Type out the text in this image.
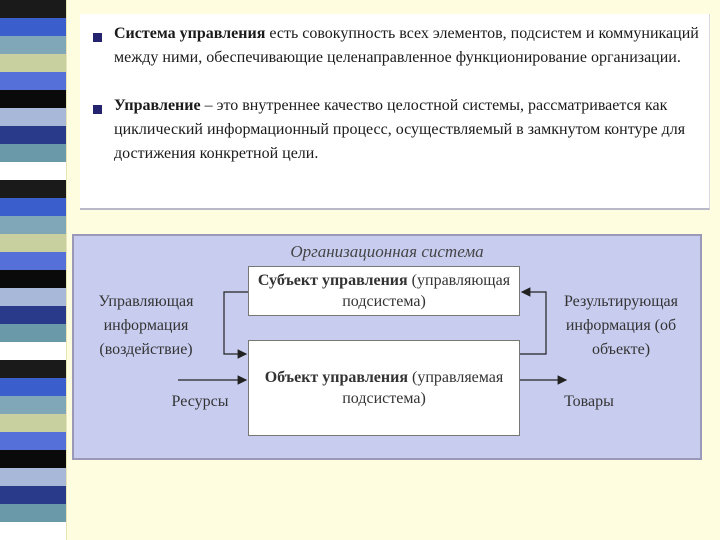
Система управления есть совокупность всех элементов, подсистем и коммуникаций между ними, обеспечивающие целенаправленное функционирование организации.
Управление – это внутреннее качество целостной системы, рассматривается как циклический информационный процесс, осуществляемый в замкнутом контуре для достижения конкретной цели.
Организационная система
Субъект управления (управляющая подсистема)
Объект управления (управляемая подсистема)
Управляющая информация (воздействие)
Ресурсы
Результирующая информация (об объекте)
Товары
